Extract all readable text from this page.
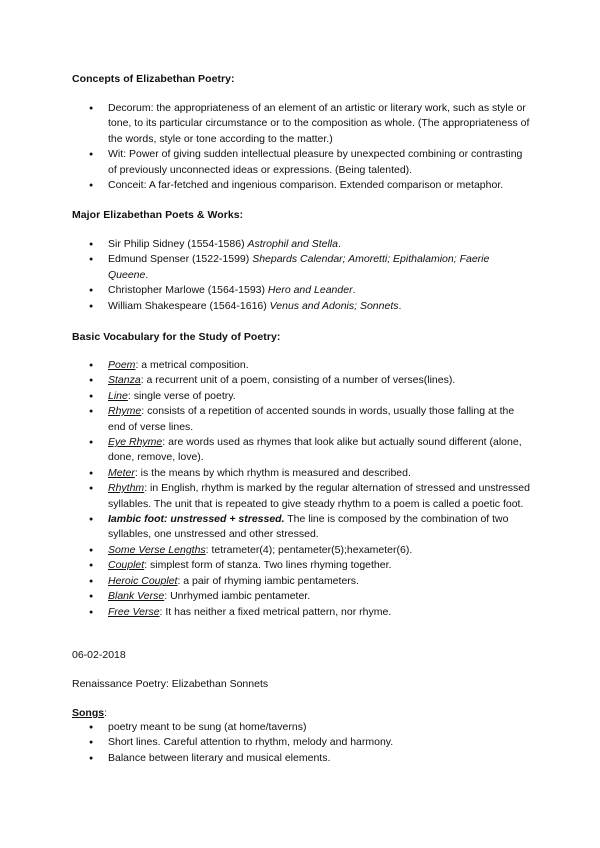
Concepts of Elizabethan Poetry:
● Decorum: the appropriateness of an element of an artistic or literary work, such as style or tone, to its particular circumstance or to the composition as whole. (The appropriateness of the words, style or tone according to the matter.)
● Wit: Power of giving sudden intellectual pleasure by unexpected combining or contrasting of previously unconnected ideas or expressions. (Being talented).
● Conceit: A far-fetched and ingenious comparison. Extended comparison or metaphor.
Major Elizabethan Poets & Works:
● Sir Philip Sidney (1554-1586) Astrophil and Stella.
● Edmund Spenser (1522-1599) Shepards Calendar; Amoretti; Epithalamion; Faerie Queene.
● Christopher Marlowe (1564-1593) Hero and Leander.
● William Shakespeare (1564-1616) Venus and Adonis; Sonnets.
Basic Vocabulary for the Study of Poetry:
● Poem: a metrical composition.
● Stanza: a recurrent unit of a poem, consisting of a number of verses(lines).
● Line: single verse of poetry.
● Rhyme: consists of a repetition of accented sounds in words, usually those falling at the end of verse lines.
● Eye Rhyme: are words used as rhymes that look alike but actually sound different (alone, done, remove, love).
● Meter: is the means by which rhythm is measured and described.
● Rhythm: in English, rhythm is marked by the regular alternation of stressed and unstressed syllables. The unit that is repeated to give steady rhythm to a poem is called a poetic foot.
● Iambic foot: unstressed + stressed. The line is composed by the combination of two syllables, one unstressed and other stressed.
● Some Verse Lengths: tetrameter(4); pentameter(5);hexameter(6).
● Couplet: simplest form of stanza. Two lines rhyming together.
● Heroic Couplet: a pair of rhyming iambic pentameters.
● Blank Verse: Unrhymed iambic pentameter.
● Free Verse: It has neither a fixed metrical pattern, nor rhyme.
06-02-2018
Renaissance Poetry: Elizabethan Sonnets
Songs:
● poetry meant to be sung (at home/taverns)
● Short lines. Careful attention to rhythm, melody and harmony.
● Balance between literary and musical elements.
